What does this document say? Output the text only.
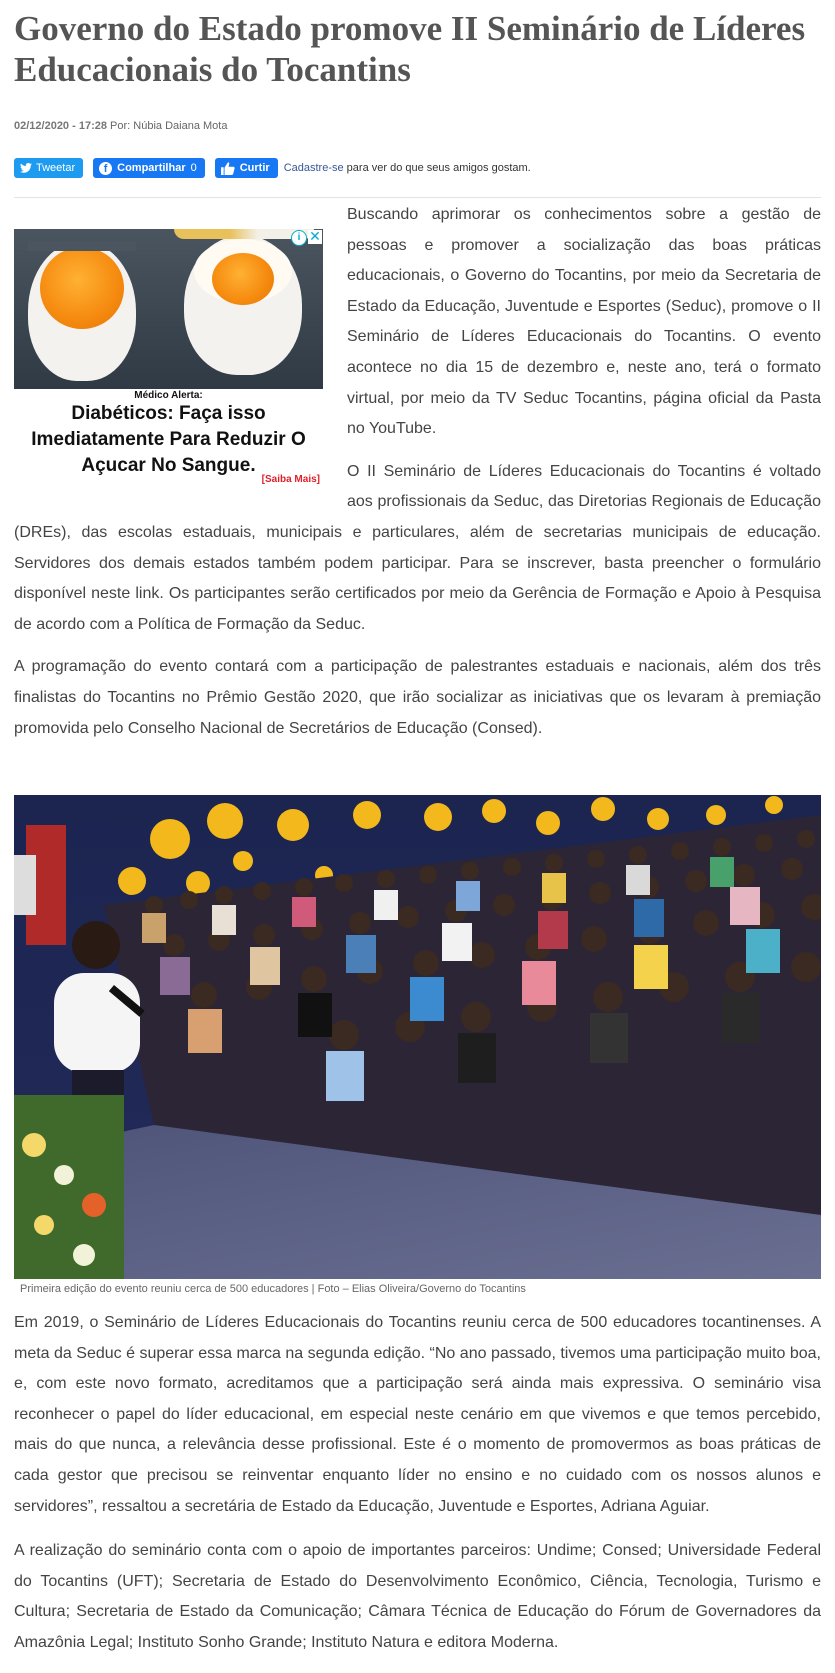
Governo do Estado promove II Seminário de Líderes Educacionais do Tocantins
02/12/2020 - 17:28 Por: Núbia Daiana Mota
Tweetar	f Compartilhar 0	Curtir Cadastre-se para ver do que seus amigos gostam.

Buscando aprimorar os conhecimentos sobre a gestão de pessoas e promover a socialização das boas práticas educacionais, o Governo do Tocantins, por meio da Secretaria de Estado da Educação, Juventude e Esportes (Seduc), promove o II Seminário de Líderes Educacionais do Tocantins. O evento acontece no dia 15 de dezembro e, neste ano, terá o formato virtual, por meio da TV Seduc Tocantins, página oficial da Pasta no YouTube.

O II Seminário de Líderes Educacionais do Tocantins é voltado aos profissionais da Seduc, das Diretorias Regionais de Educação (DREs), das escolas estaduais, municipais e particulares, além de secretarias municipais de educação. Servidores dos demais estados também podem participar. Para se inscrever, basta preencher o formulário disponível neste link. Os participantes serão certificados por meio da Gerência de Formação e Apoio à Pesquisa de acordo com a Política de Formação da Seduc.

A programação do evento contará com a participação de palestrantes estaduais e nacionais, além dos três finalistas do Tocantins no Prêmio Gestão 2020, que irão socializar as iniciativas que os levaram à premiação promovida pelo Conselho Nacional de Secretários de Educação (Consed).

i ✕
Médico Alerta:
Diabéticos: Faça isso Imediatamente Para Reduzir O Açucar No Sangue.
[Saiba Mais]
Primeira edição do evento reuniu cerca de 500 educadores | Foto – Elias Oliveira/Governo do Tocantins

Em 2019, o Seminário de Líderes Educacionais do Tocantins reuniu cerca de 500 educadores tocantinenses. A meta da Seduc é superar essa marca na segunda edição. “No ano passado, tivemos uma participação muito boa, e, com este novo formato, acreditamos que a participação será ainda mais expressiva. O seminário visa reconhecer o papel do líder educacional, em especial neste cenário em que vivemos e que temos percebido, mais do que nunca, a relevância desse profissional. Este é o momento de promovermos as boas práticas de cada gestor que precisou se reinventar enquanto líder no ensino e no cuidado com os nossos alunos e servidores”, ressaltou a secretária de Estado da Educação, Juventude e Esportes, Adriana Aguiar.

A realização do seminário conta com o apoio de importantes parceiros: Undime; Consed; Universidade Federal do Tocantins (UFT); Secretaria de Estado do Desenvolvimento Econômico, Ciência, Tecnologia, Turismo e Cultura; Secretaria de Estado da Comunicação; Câmara Técnica de Educação do Fórum de Governadores da Amazônia Legal; Instituto Sonho Grande; Instituto Natura e editora Moderna.
